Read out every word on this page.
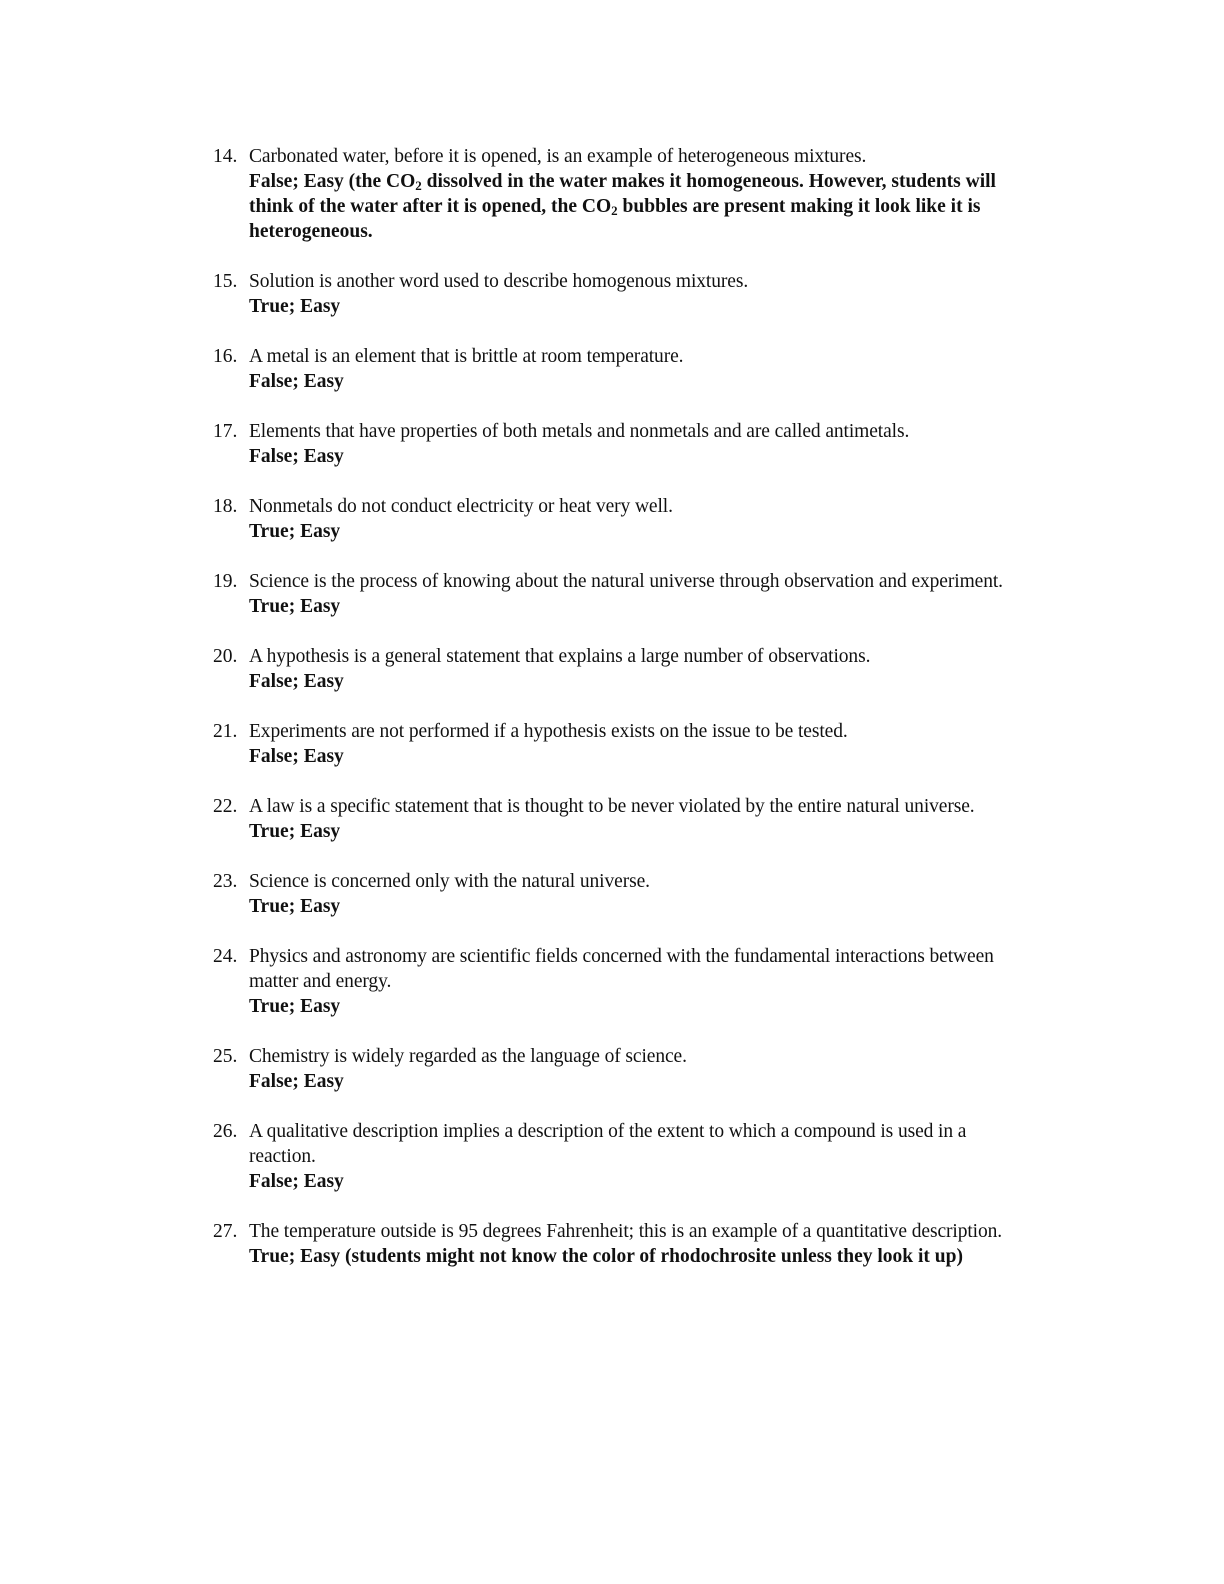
14. Carbonated water, before it is opened, is an example of heterogeneous mixtures.
False; Easy (the $CO_2$ dissolved in the water makes it homogeneous. However, students will think of the water after it is opened, the $CO_2$ bubbles are present making it look like it is heterogeneous.
15. Solution is another word used to describe homogenous mixtures.
True; Easy
16. A metal is an element that is brittle at room temperature.
False; Easy
17. Elements that have properties of both metals and nonmetals and are called antimetals.
False; Easy
18. Nonmetals do not conduct electricity or heat very well.
True; Easy
19. Science is the process of knowing about the natural universe through observation and experiment.
True; Easy
20. A hypothesis is a general statement that explains a large number of observations.
False; Easy
21. Experiments are not performed if a hypothesis exists on the issue to be tested.
False; Easy
22. A law is a specific statement that is thought to be never violated by the entire natural universe.
True; Easy
23. Science is concerned only with the natural universe.
True; Easy
24. Physics and astronomy are scientific fields concerned with the fundamental interactions between matter and energy.
True; Easy
25. Chemistry is widely regarded as the language of science.
False; Easy
26. A qualitative description implies a description of the extent to which a compound is used in a reaction.
False; Easy
27. The temperature outside is 95 degrees Fahrenheit; this is an example of a quantitative description.
True; Easy (students might not know the color of rhodochrosite unless they look it up)
